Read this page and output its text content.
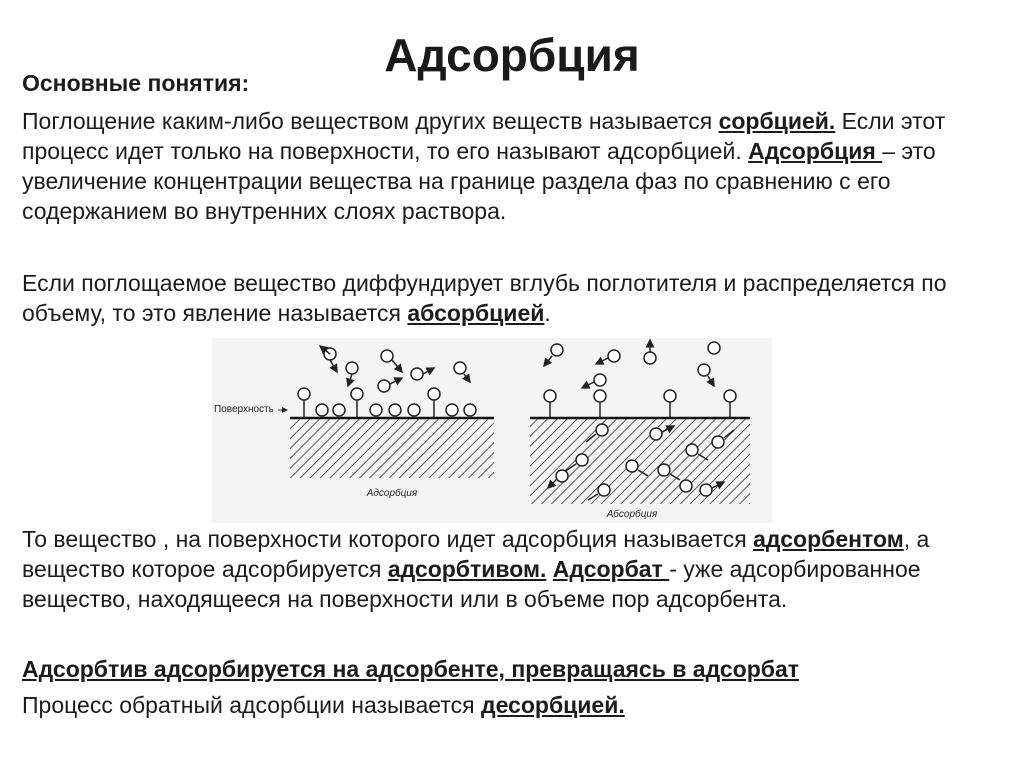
Адсорбция
Основные понятия:
Поглощение каким-либо веществом других веществ называется сорбцией. Если этот процесс идет только на поверхности, то его называют адсорбцией. Адсорбция – это увеличение концентрации вещества на границе раздела фаз по сравнению с его содержанием во внутренних слоях раствора.
Если поглощаемое вещество диффундирует вглубь поглотителя и распределяется по объему, то это явление называется абсорбцией.
Поверхность
Адсорбция
Абсорбция
То вещество , на поверхности которого идет адсорбция называется адсорбентом, а вещество которое адсорбируется адсорбтивом. Адсорбат - уже адсорбированное вещество, находящееся на поверхности или в объеме пор адсорбента.
Адсорбтив адсорбируется на адсорбенте, превращаясь в адсорбат
Процесс обратный адсорбции называется десорбцией.
